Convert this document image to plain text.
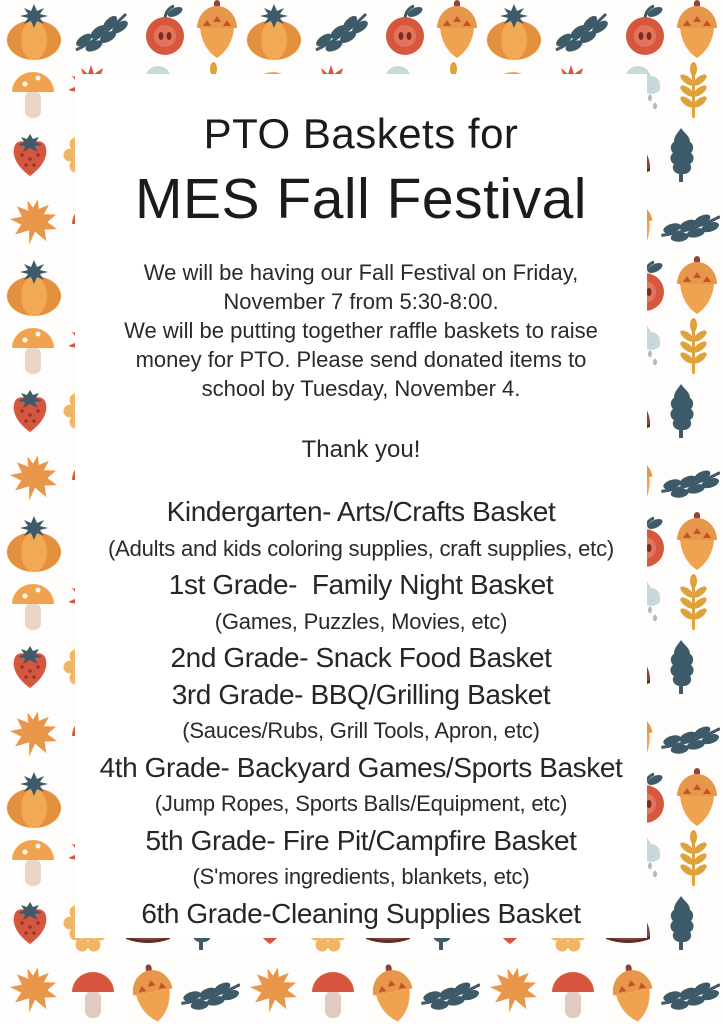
PTO Baskets for
MES Fall Festival
We will be having our Fall Festival on Friday,
November 7 from 5:30-8:00.
We will be putting together raffle baskets to raise
money for PTO. Please send donated items to
school by Tuesday, November 4.
Thank you!
Kindergarten- Arts/Crafts Basket
(Adults and kids coloring supplies, craft supplies, etc)
1st Grade-  Family Night Basket
(Games, Puzzles, Movies, etc)
2nd Grade- Snack Food Basket
3rd Grade- BBQ/Grilling Basket
(Sauces/Rubs, Grill Tools, Apron, etc)
4th Grade- Backyard Games/Sports Basket
(Jump Ropes, Sports Balls/Equipment, etc)
5th Grade- Fire Pit/Campfire Basket
(S'mores ingredients, blankets, etc)
6th Grade-Cleaning Supplies Basket
